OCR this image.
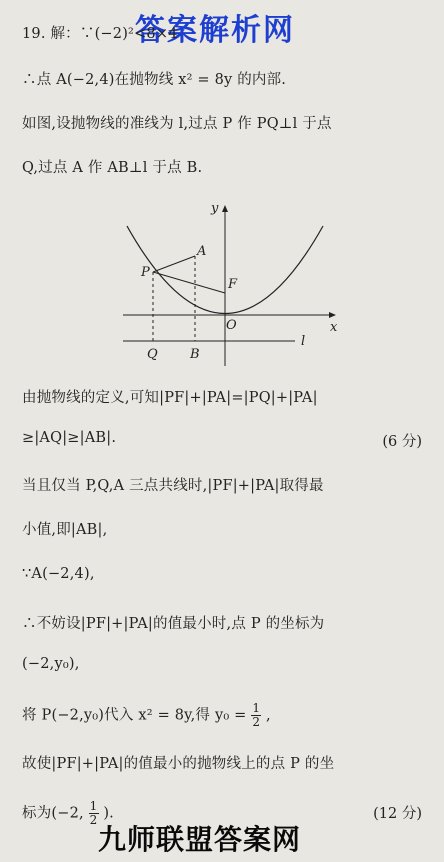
答案解析网
19. 解：∵(−2)²<8×4
∴点 A(−2,4)在抛物线 x² = 8y 的内部.
如图,设抛物线的准线为 l,过点 P 作 PQ⊥l 于点
Q,过点 A 作 AB⊥l 于点 B.
y
x
O
A
P
F
Q B
l
由抛物线的定义,可知|PF|+|PA|=|PQ|+|PA|
≥|AQ|≥|AB|.	(6 分)
当且仅当 P,Q,A 三点共线时,|PF|+|PA|取得最
小值,即|AB|,
∵A(−2,4),
∴不妨设|PF|+|PA|的值最小时,点 P 的坐标为
(−2,y₀),
将 P(−2,y₀)代入 x² = 8y,得 $y_0 = \frac{1}{2}$ ,
故使|PF|+|PA|的值最小的抛物线上的点 P 的坐
标为(−2, $\frac{1}{2}$ ).	(12 分)
九师联盟答案网
